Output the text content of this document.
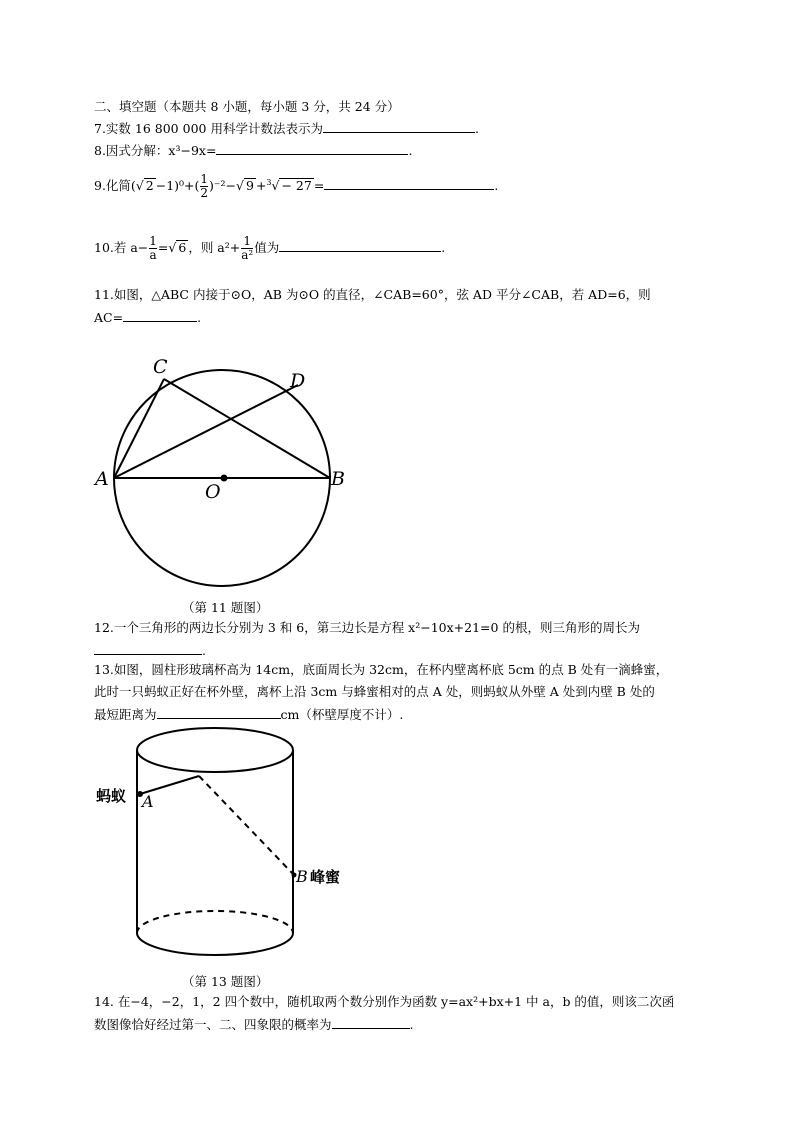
二、填空题（本题共 8 小题，每小题 3 分，共 24 分）
7.实数 16 800 000 用科学计数法表示为	.
8.因式分解：x³−9x=	.
9.化简(√ $2 -1)^0+( \frac{1}{2} )^{-2}-√$ 9 +$^3$√ − 27 =	.
10.若 $a- \frac{1}{a}$ =√ 6 ，则 $a^2+ \frac{1}{\text{a²}}$ 值为	.
11.如图，△ABC 内接于⊙O，AB 为⊙O 的直径，∠CAB=60°，弦 AD 平分∠CAB，若 AD=6，则
AC=	.
C
D
A	B
O
（第 11 题图）
12.一个三角形的两边长分别为 3 和 6，第三边长是方程 x²−10x+21=0 的根，则三角形的周长为
.
13.如图，圆柱形玻璃杯高为 14cm，底面周长为 32cm，在杯内壁离杯底 5cm 的点 B 处有一滴蜂蜜，
此时一只蚂蚁正好在杯外壁，离杯上沿 3cm 与蜂蜜相对的点 A 处，则蚂蚁从外壁 A 处到内壁 B 处的
最短距离为	cm（杯壁厚度不计）.
蚂蚁 A
B 峰蜜
（第 13 题图）
14. 在−4，−2，1，2 四个数中，随机取两个数分别作为函数 y=ax²+bx+1 中 a，b 的值，则该二次函
数图像恰好经过第一、二、四象限的概率为	.
